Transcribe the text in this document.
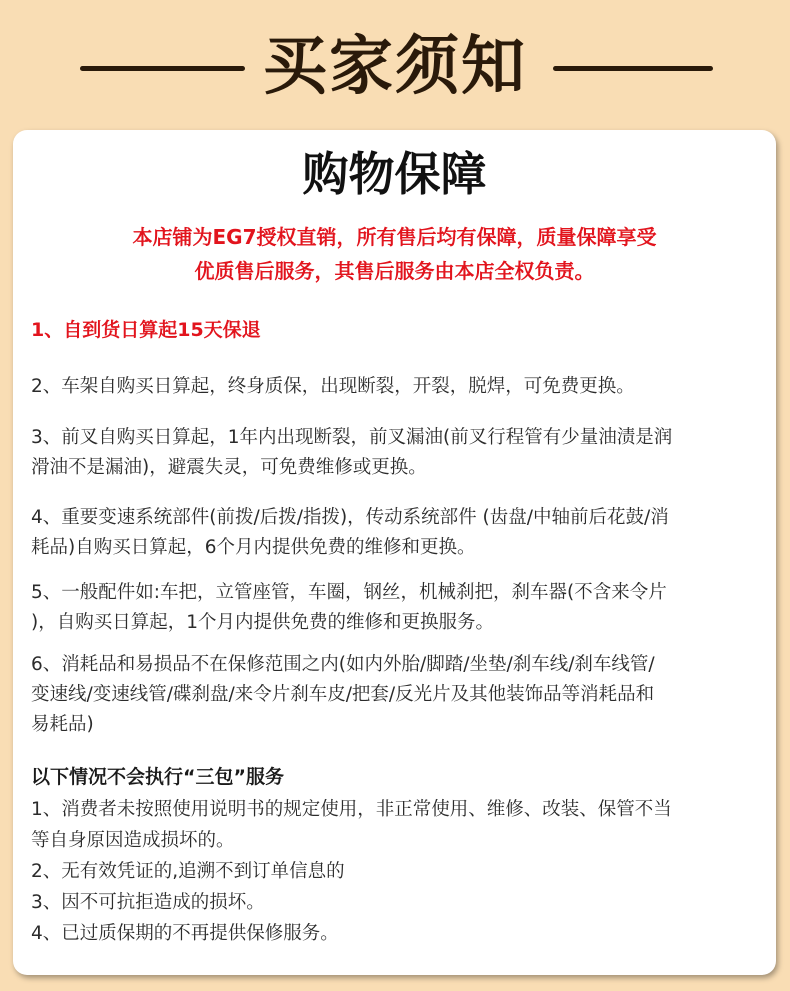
买家须知
购物保障
本店铺为EG7授权直销，所有售后均有保障，质量保障享受
优质售后服务，其售后服务由本店全权负责。
1、自到货日算起15天保退
2、车架自购买日算起，终身质保，出现断裂，开裂，脱焊，可免费更换。
3、前叉自购买日算起，1年内出现断裂，前叉漏油(前叉行程管有少量油渍是润
滑油不是漏油)，避震失灵，可免费维修或更换。
4、重要变速系统部件(前拨/后拨/指拨)，传动系统部件 (齿盘/中轴前后花鼓/消
耗品)自购买日算起，6个月内提供免费的维修和更换。
5、一般配件如:车把，立管座管，车圈，钢丝，机械刹把，刹车器(不含来令片
)，自购买日算起，1个月内提供免费的维修和更换服务。
6、消耗品和易损品不在保修范围之内(如内外胎/脚踏/坐垫/刹车线/刹车线管/
变速线/变速线管/碟刹盘/来令片刹车皮/把套/反光片及其他装饰品等消耗品和
易耗品)
以下情况不会执行“三包”服务
1、消费者未按照使用说明书的规定使用，非正常使用、维修、改装、保管不当
等自身原因造成损坏的。
2、无有效凭证的,追溯不到订单信息的
3、因不可抗拒造成的损坏。
4、已过质保期的不再提供保修服务。
